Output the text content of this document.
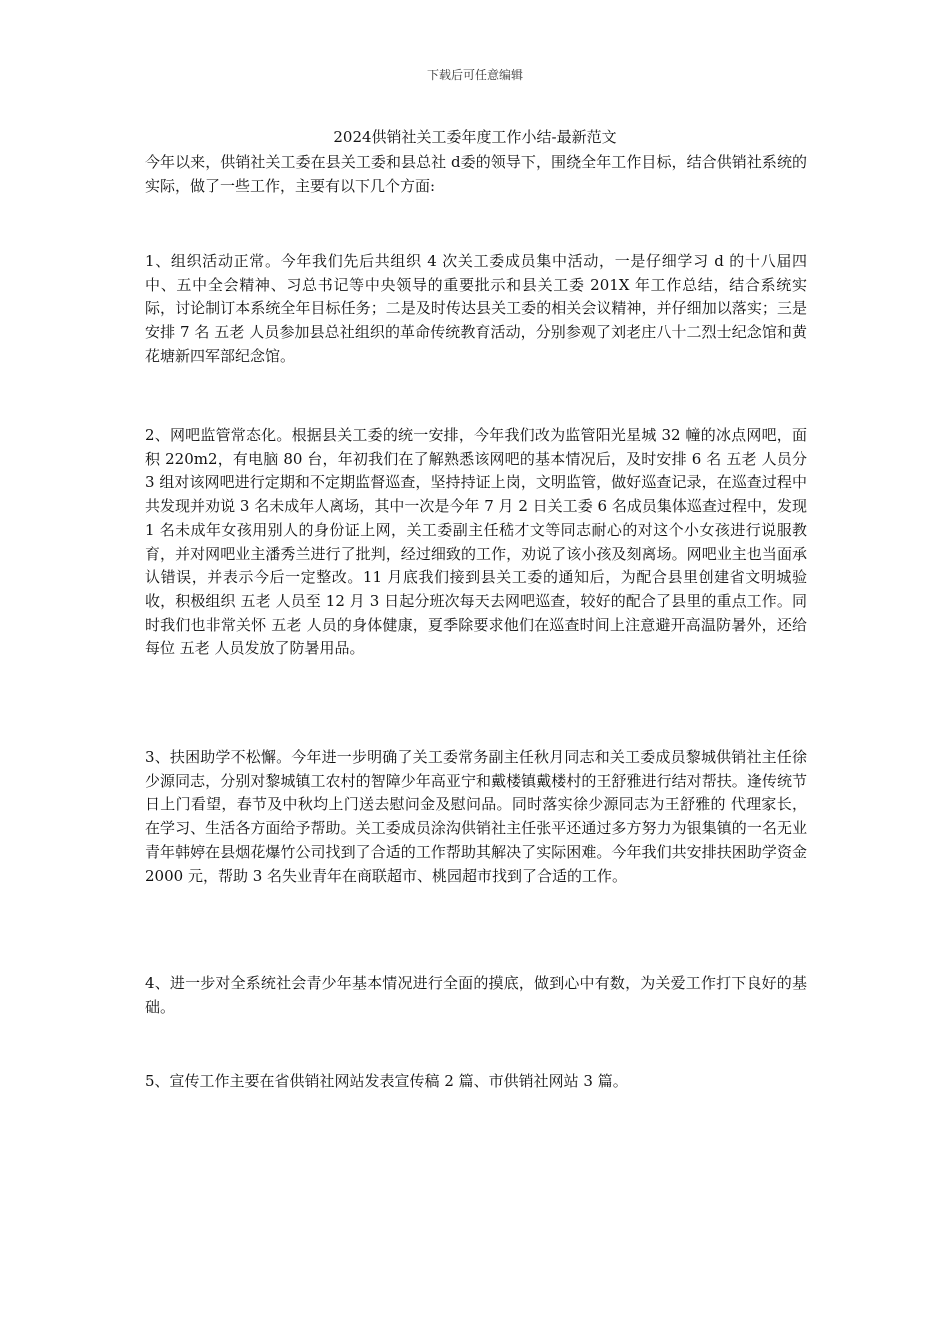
下载后可任意编辑
2024供销社关工委年度工作小结-最新范文
今年以来，供销社关工委在县关工委和县总社 d委的领导下，围绕全年工作目标，结合供销社系统的实际，做了一些工作，主要有以下几个方面:
1、组织活动正常。今年我们先后共组织 4 次关工委成员集中活动，一是仔细学习 d 的十八届四中、五中全会精神、习总书记等中央领导的重要批示和县关工委 201X 年工作总结，结合系统实际，讨论制订本系统全年目标任务；二是及时传达县关工委的相关会议精神，并仔细加以落实；三是安排 7 名 五老 人员参加县总社组织的革命传统教育活动，分别参观了刘老庄八十二烈士纪念馆和黄花塘新四军部纪念馆。
2、网吧监管常态化。根据县关工委的统一安排，今年我们改为监管阳光星城 32 幢的冰点网吧，面积 220m2，有电脑 80 台，年初我们在了解熟悉该网吧的基本情况后，及时安排 6 名 五老 人员分 3 组对该网吧进行定期和不定期监督巡查，坚持持证上岗，文明监管，做好巡查记录，在巡查过程中共发现并劝说 3 名未成年人离场，其中一次是今年 7 月 2 日关工委 6 名成员集体巡查过程中，发现 1 名未成年女孩用别人的身份证上网，关工委副主任嵇才文等同志耐心的对这个小女孩进行说服教育，并对网吧业主潘秀兰进行了批判，经过细致的工作，劝说了该小孩及刻离场。网吧业主也当面承认错误，并表示今后一定整改。11 月底我们接到县关工委的通知后，为配合县里创建省文明城验收，积极组织 五老 人员至 12 月 3 日起分班次每天去网吧巡查，较好的配合了县里的重点工作。同时我们也非常关怀 五老 人员的身体健康，夏季除要求他们在巡查时间上注意避开高温防暑外，还给每位 五老 人员发放了防暑用品。
3、扶困助学不松懈。今年进一步明确了关工委常务副主任秋月同志和关工委成员黎城供销社主任徐少源同志，分别对黎城镇工农村的智障少年高亚宁和戴楼镇戴楼村的王舒雅进行结对帮扶。逢传统节日上门看望，春节及中秋均上门送去慰问金及慰问品。同时落实徐少源同志为王舒雅的 代理家长，在学习、生活各方面给予帮助。关工委成员涂沟供销社主任张平还通过多方努力为银集镇的一名无业青年韩婷在县烟花爆竹公司找到了合适的工作帮助其解决了实际困难。今年我们共安排扶困助学资金 2000 元，帮助 3 名失业青年在商联超市、桃园超市找到了合适的工作。
4、进一步对全系统社会青少年基本情况进行全面的摸底，做到心中有数，为关爱工作打下良好的基础。
5、宣传工作主要在省供销社网站发表宣传稿 2 篇、市供销社网站 3 篇。
